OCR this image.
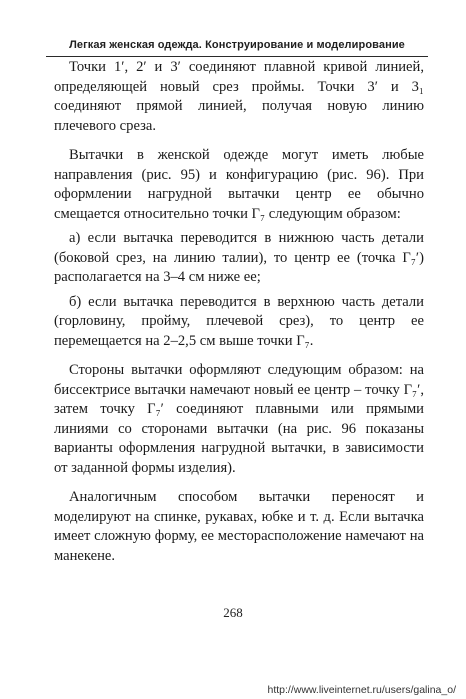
Легкая женская одежда. Конструирование и моделирование

Точки 1′, 2′ и 3′ соединяют плавной кривой линией, определяющей новый срез проймы. Точки 3′ и 3₁ соединяют прямой линией, получая новую линию плечевого среза.

Вытачки в женской одежде могут иметь любые направления (рис. 95) и конфигурацию (рис. 96). При оформлении нагрудной вытачки центр ее обычно смещается относительно точки Г₇ следующим образом:

а) если вытачка переводится в нижнюю часть детали (боковой срез, на линию талии), то центр ее (точка Г₇′) располагается на 3–4 см ниже ее;

б) если вытачка переводится в верхнюю часть детали (горловину, пройму, плечевой срез), то центр ее перемещается на 2–2,5 см выше точки Г₇.

Стороны вытачки оформляют следующим образом: на биссектрисе вытачки намечают новый ее центр – точку Г₇′, затем точку Г₇′ соединяют плавными или прямыми линиями со сторонами вытачки (на рис. 96 показаны варианты оформления нагрудной вытачки, в зависимости от заданной формы изделия).

Аналогичным способом вытачки переносят и моделируют на спинке, рукавах, юбке и т. д. Если вытачка имеет сложную форму, ее месторасположение намечают на манекене.

268
http://www.liveinternet.ru/users/galina_o/
